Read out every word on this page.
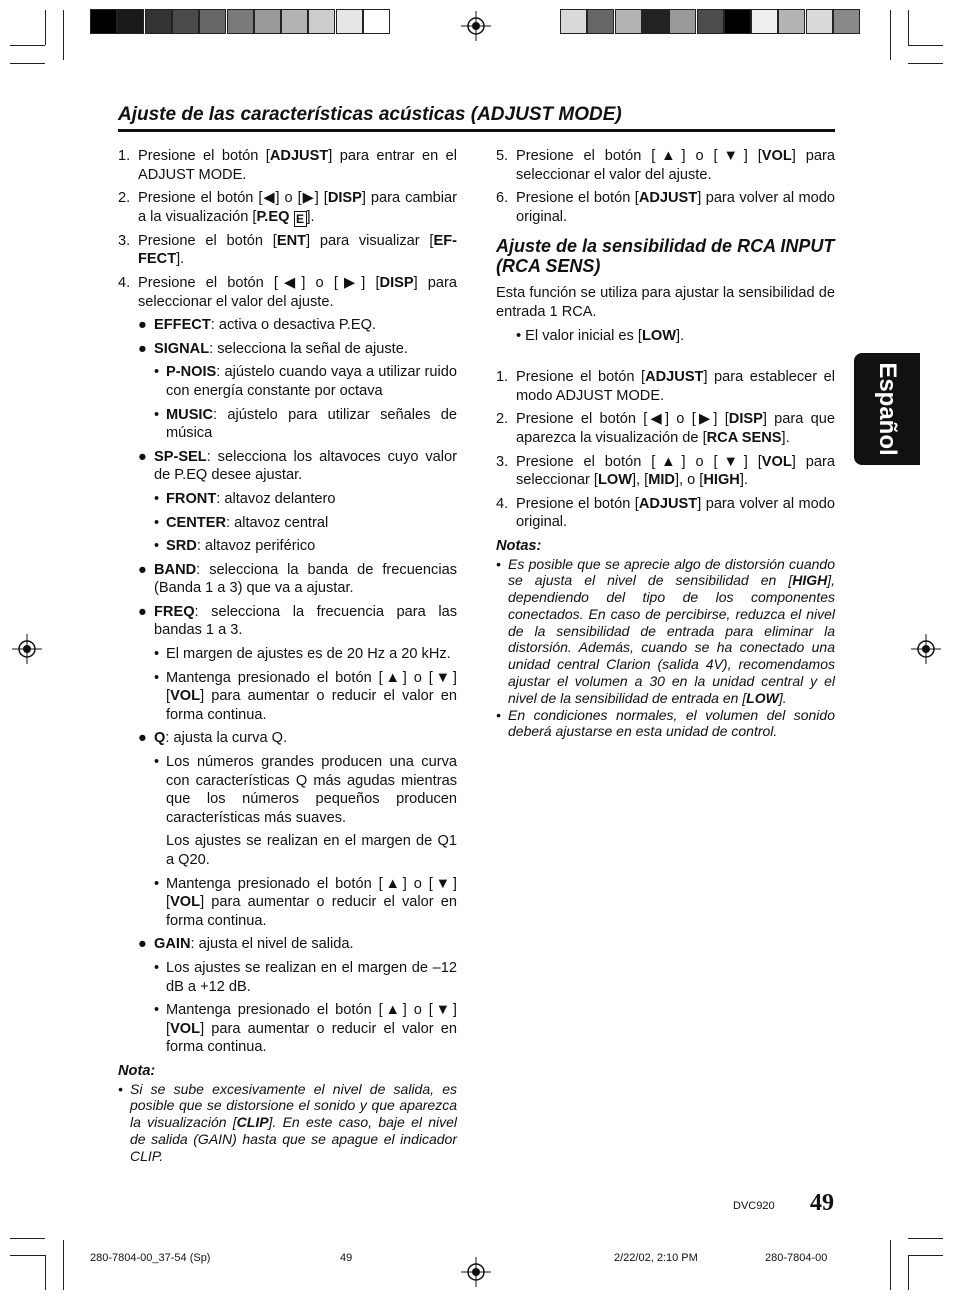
Ajuste de las características acústicas (ADJUST MODE)
1. Presione el botón [ADJUST] para entrar en el ADJUST MODE.
2. Presione el botón [◀] o [▶] [DISP] para cambiar a la visualización [P.EQ E ].
3. Presione el botón [ENT] para visualizar [EF-FECT].
4. Presione el botón [◀] o [▶] [DISP] para seleccionar el valor del ajuste.
● EFFECT: activa o desactiva P.EQ.
● SIGNAL: selecciona la señal de ajuste.
• P-NOIS: ajústelo cuando vaya a utilizar ruido con energía constante por octava
• MUSIC: ajústelo para utilizar señales de música
● SP-SEL: selecciona los altavoces cuyo valor de P.EQ desee ajustar.
• FRONT: altavoz delantero
• CENTER: altavoz central
• SRD: altavoz periférico
● BAND: selecciona la banda de frecuencias (Banda 1 a 3) que va a ajustar.
● FREQ: selecciona la frecuencia para las bandas 1 a 3.
• El margen de ajustes es de 20 Hz a 20 kHz.
• Mantenga presionado el botón [▲] o [▼] [VOL] para aumentar o reducir el valor en forma continua.
● Q: ajusta la curva Q.
• Los números grandes producen una curva con características Q más agudas mientras que los números pequeños producen características más suaves.
Los ajustes se realizan en el margen de Q1 a Q20.
• Mantenga presionado el botón [▲] o [▼] [VOL] para aumentar o reducir el valor en forma continua.
● GAIN: ajusta el nivel de salida.
• Los ajustes se realizan en el margen de –12 dB a +12 dB.
• Mantenga presionado el botón [▲] o [▼] [VOL] para aumentar o reducir el valor en forma continua.
Nota:
• Si se sube excesivamente el nivel de salida, es posible que se distorsione el sonido y que aparezca la visualización [CLIP]. En este caso, baje el nivel de salida (GAIN) hasta que se apague el indicador CLIP.
5. Presione el botón [▲] o [▼] [VOL] para seleccionar el valor del ajuste.
6. Presione el botón [ADJUST] para volver al modo original.
Ajuste de la sensibilidad de RCA INPUT (RCA SENS)
Esta función se utiliza para ajustar la sensibilidad de entrada 1 RCA.
• El valor inicial es [LOW].
1. Presione el botón [ADJUST] para establecer el modo ADJUST MODE.
2. Presione el botón [◀] o [▶] [DISP] para que aparezca la visualización de [RCA SENS].
3. Presione el botón [▲] o [▼] [VOL] para seleccionar [LOW], [MID], o [HIGH].
4. Presione el botón [ADJUST] para volver al modo original.
Notas:
• Es posible que se aprecie algo de distorsión cuando se ajusta el nivel de sensibilidad en [HIGH], dependiendo del tipo de los componentes conectados. En caso de percibirse, reduzca el nivel de la sensibilidad de entrada para eliminar la distorsión. Además, cuando se ha conectado una unidad central Clarion (salida 4V), recomendamos ajustar el volumen a 30 en la unidad central y el nivel de la sensibilidad de entrada en [LOW].
• En condiciones normales, el volumen del sonido deberá ajustarse en esta unidad de control.
Español
DVC920 49
280-7804-00_37-54 (Sp)	49	2/22/02, 2:10 PM	280-7804-00
